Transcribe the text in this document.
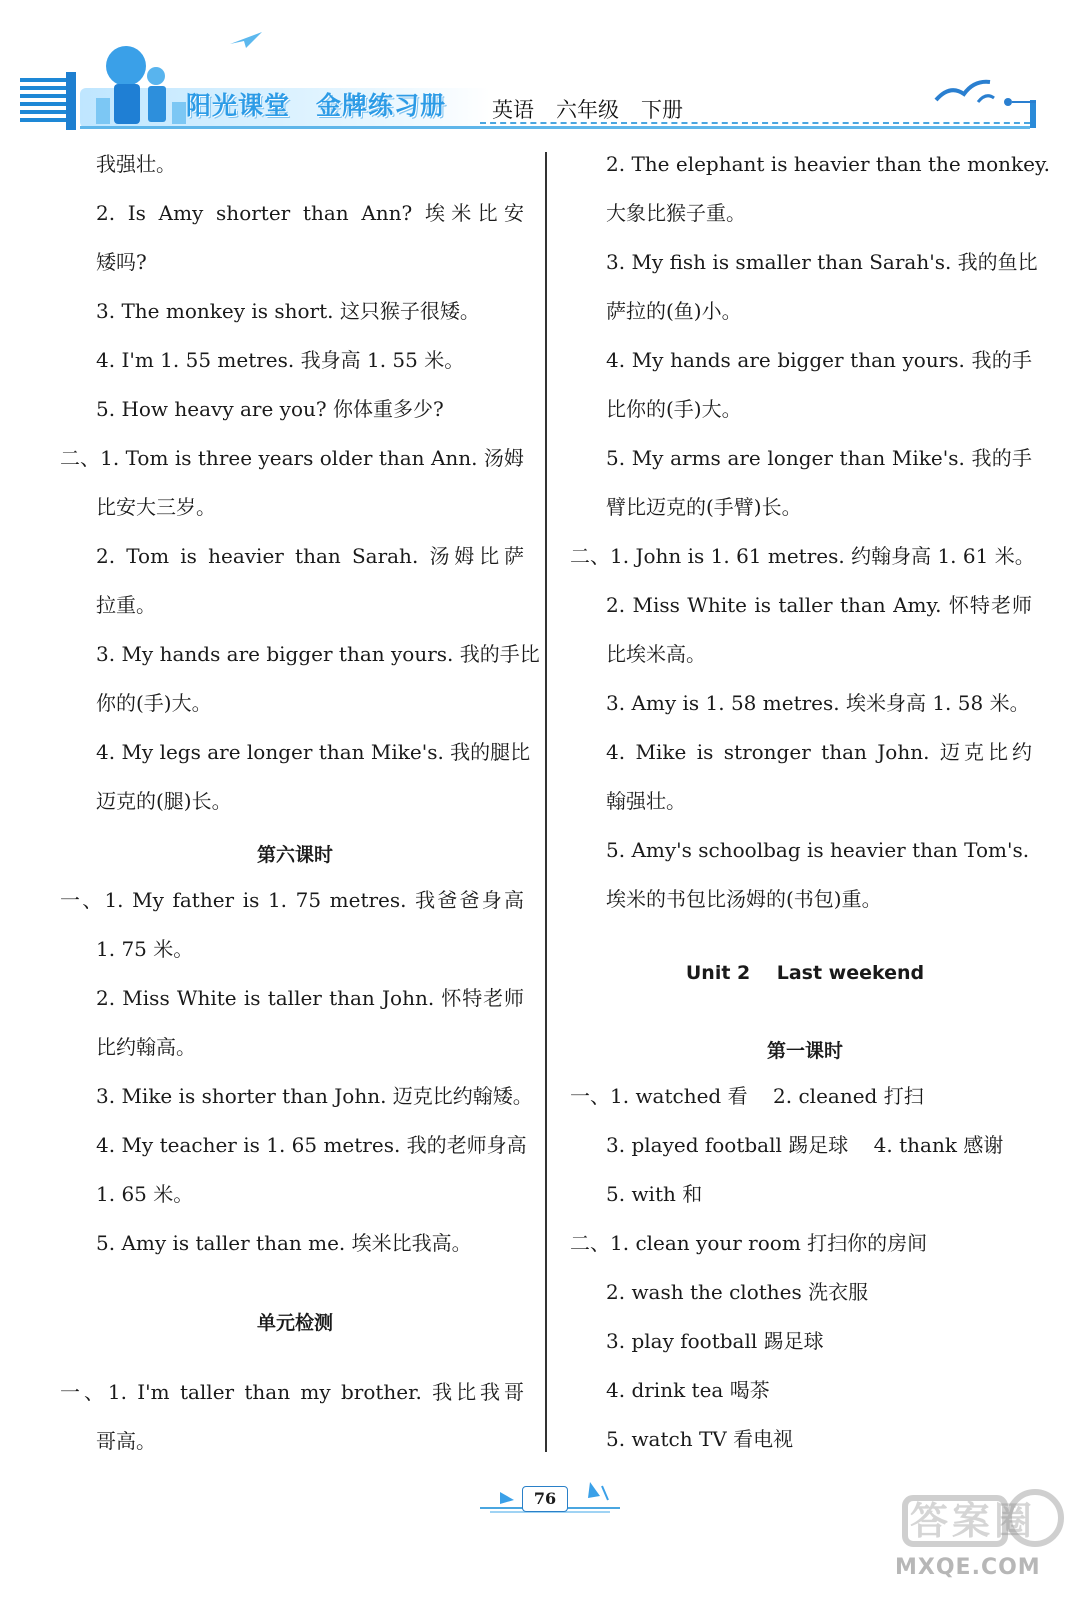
阳光课堂 金牌练习册	英语 六年级 下册
我强壮。
2. Is Amy shorter than Ann? 埃米比安
矮吗?
3. The monkey is short. 这只猴子很矮。
4. I'm 1. 55 metres. 我身高 1. 55 米。
5. How heavy are you? 你体重多少?
二、1. Tom is three years older than Ann. 汤姆
比安大三岁。
2. Tom is heavier than Sarah. 汤姆比萨
拉重。
3. My hands are bigger than yours. 我的手比
你的(手)大。
4. My legs are longer than Mike's. 我的腿比
迈克的(腿)长。
第六课时
一、1. My father is 1. 75 metres. 我爸爸身高
1. 75 米。
2. Miss White is taller than John. 怀特老师
比约翰高。
3. Mike is shorter than John. 迈克比约翰矮。
4. My teacher is 1. 65 metres. 我的老师身高
1. 65 米。
5. Amy is taller than me. 埃米比我高。
单元检测
一、1. I'm taller than my brother. 我比我哥
哥高。
2. The elephant is heavier than the monkey.
大象比猴子重。
3. My fish is smaller than Sarah's. 我的鱼比
萨拉的(鱼)小。
4. My hands are bigger than yours. 我的手
比你的(手)大。
5. My arms are longer than Mike's. 我的手
臂比迈克的(手臂)长。
二、1. John is 1. 61 metres. 约翰身高 1. 61 米。
2. Miss White is taller than Amy. 怀特老师
比埃米高。
3. Amy is 1. 58 metres. 埃米身高 1. 58 米。
4. Mike is stronger than John. 迈克比约
翰强壮。
5. Amy's schoolbag is heavier than Tom's.
埃米的书包比汤姆的(书包)重。
Unit 2    Last weekend
第一课时
一、1. watched 看    2. cleaned 打扫
3. played football 踢足球    4. thank 感谢
5. with 和
二、1. clean your room 打扫你的房间
2. wash the clothes 洗衣服
3. play football 踢足球
4. drink tea 喝茶
5. watch TV 看电视
76
答案圈
MXQE.COM
